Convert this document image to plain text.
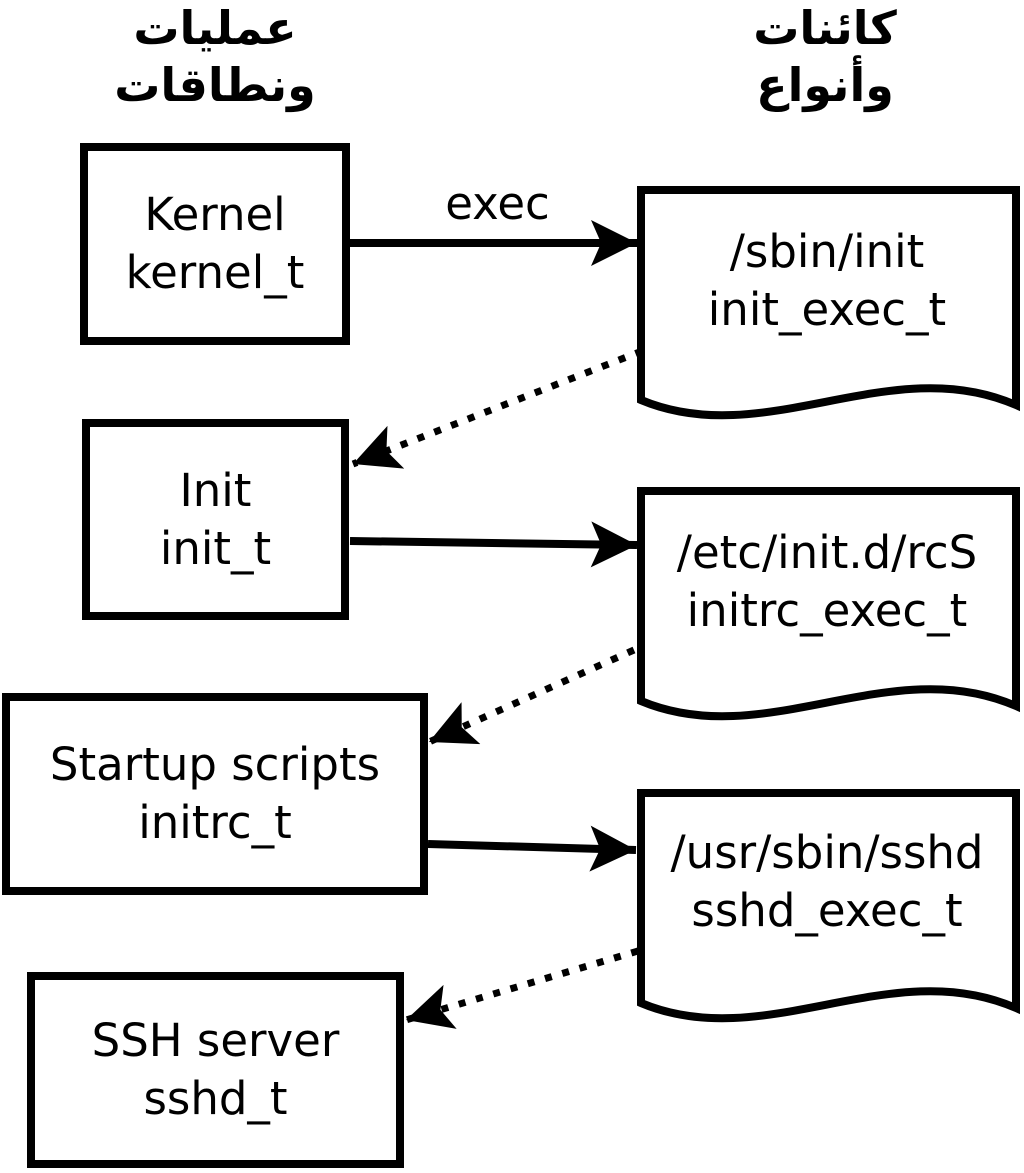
عمليات
ونطاقات
كائنات
وأنواع
exec
Kernel
kernel_t
Init
init_t
Startup scripts
initrc_t
SSH server
sshd_t
/sbin/init
init_exec_t
/etc/init.d/rcS
initrc_exec_t
/usr/sbin/sshd
sshd_exec_t
